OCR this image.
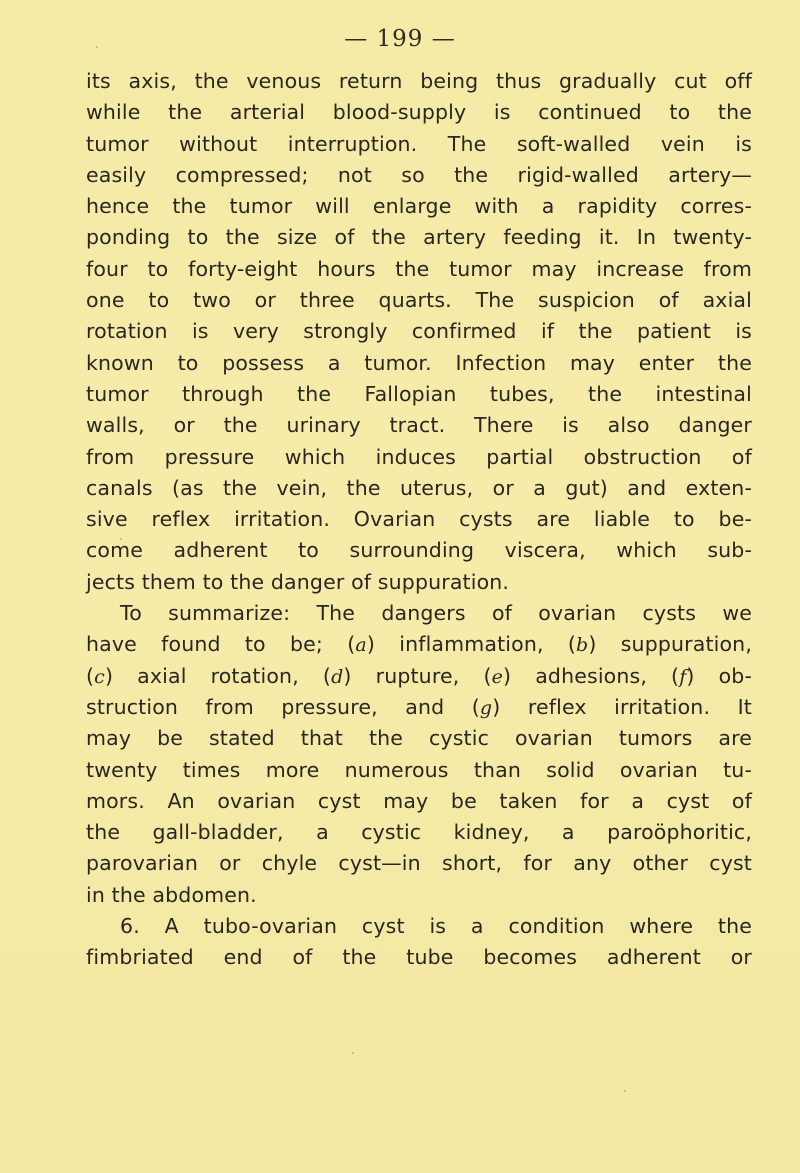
— 199 —
its axis, the venous return being thus gradually cut off
while the arterial blood-supply is continued to the
tumor without interruption. The soft-walled vein is
easily compressed; not so the rigid-walled artery—
hence the tumor will enlarge with a rapidity corres-
ponding to the size of the artery feeding it. In twenty-
four to forty-eight hours the tumor may increase from
one to two or three quarts. The suspicion of axial
rotation is very strongly confirmed if the patient is
known to possess a tumor. Infection may enter the
tumor through the Fallopian tubes, the intestinal
walls, or the urinary tract. There is also danger
from pressure which induces partial obstruction of
canals (as the vein, the uterus, or a gut) and exten-
sive reflex irritation. Ovarian cysts are liable to be-
come adherent to surrounding viscera, which sub-
jects them to the danger of suppuration.
To summarize: The dangers of ovarian cysts we
have found to be; (a) inflammation, (b) suppuration,
(c) axial rotation, (d) rupture, (e) adhesions, (f) ob-
struction from pressure, and (g) reflex irritation. It
may be stated that the cystic ovarian tumors are
twenty times more numerous than solid ovarian tu-
mors. An ovarian cyst may be taken for a cyst of
the gall-bladder, a cystic kidney, a paroöphoritic,
parovarian or chyle cyst—in short, for any other cyst
in the abdomen.
6. A tubo-ovarian cyst is a condition where the
fimbriated end of the tube becomes adherent or
